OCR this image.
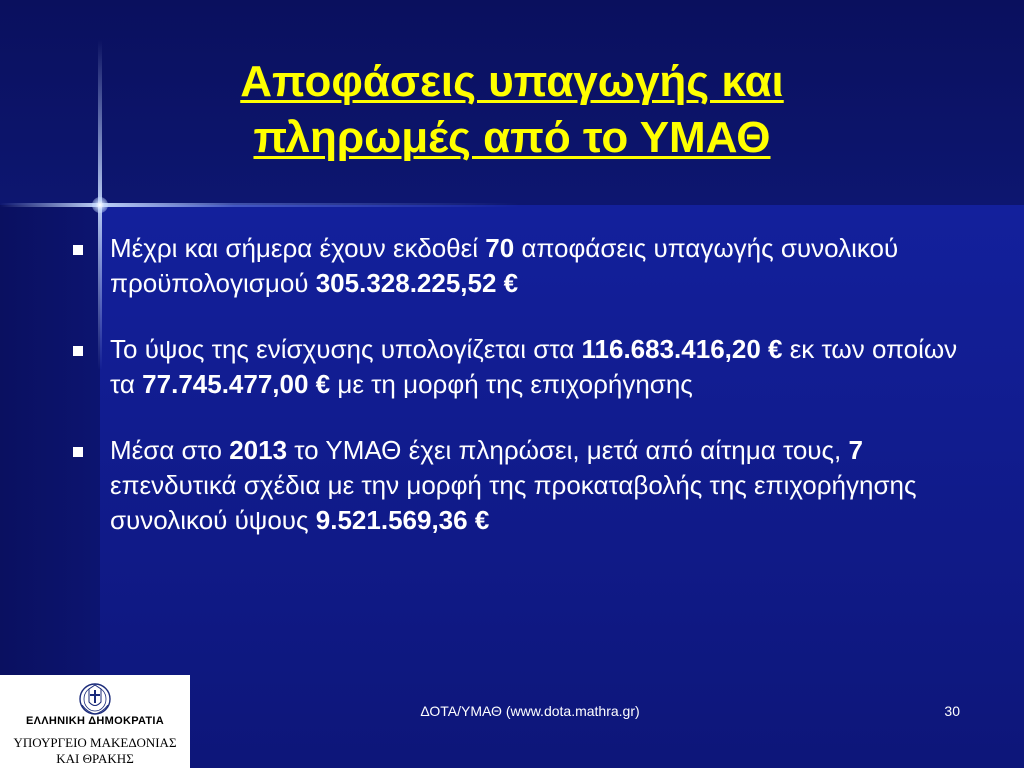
Αποφάσεις υπαγωγής και
πληρωμές από το ΥΜΑΘ
Μέχρι και σήμερα έχουν εκδοθεί 70 αποφάσεις υπαγωγής συνολικού προϋπολογισμού 305.328.225,52 €
Το ύψος της ενίσχυσης υπολογίζεται στα 116.683.416,20 € εκ των οποίων τα 77.745.477,00 € με τη μορφή της επιχορήγησης
Μέσα στο 2013 το ΥΜΑΘ έχει πληρώσει, μετά από αίτημα τους, 7 επενδυτικά σχέδια με την μορφή της προκαταβολής της επιχορήγησης συνολικού ύψους 9.521.569,36 €
ΕΛΛΗΝΙΚΗ ΔΗΜΟΚΡΑΤΙΑ
ΥΠΟΥΡΓΕΙΟ ΜΑΚΕΔΟΝΙΑΣ
ΚΑΙ ΘΡΑΚΗΣ
ΔΟΤΑ/ΥΜΑΘ (www.dota.mathra.gr)	30
